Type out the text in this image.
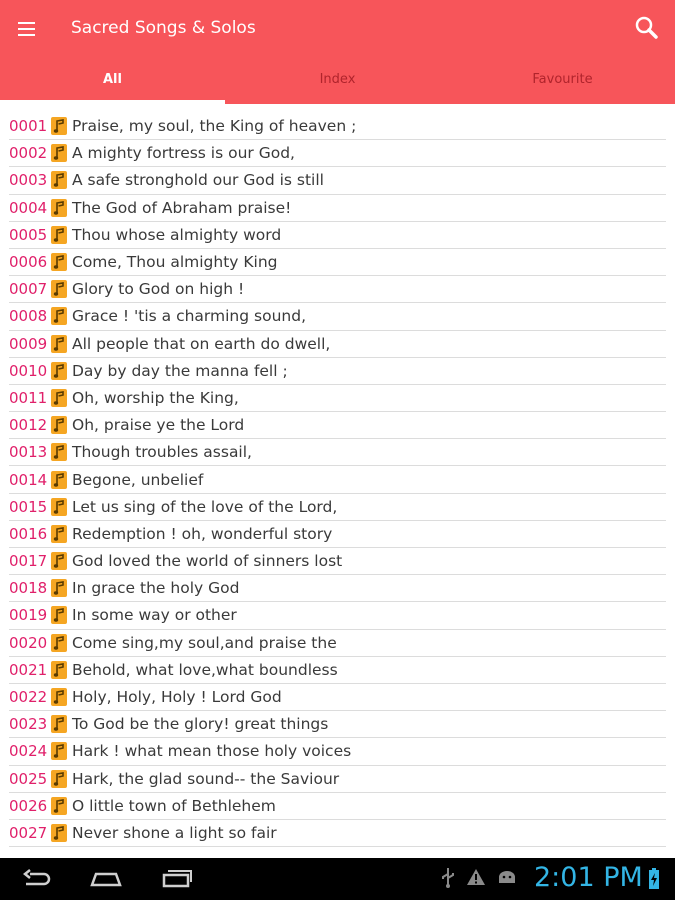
Sacred Songs & Solos
All	Index	Favourite
0001 Praise, my soul, the King of heaven ;
0002 A mighty fortress is our God,
0003 A safe stronghold our God is still
0004 The God of Abraham praise!
0005 Thou whose almighty word
0006 Come, Thou almighty King
0007 Glory to God on high !
0008 Grace ! 'tis a charming sound,
0009 All people that on earth do dwell,
0010 Day by day the manna fell ;
0011 Oh, worship the King,
0012 Oh, praise ye the Lord
0013 Though troubles assail,
0014 Begone, unbelief
0015 Let us sing of the love of the Lord,
0016 Redemption ! oh, wonderful story
0017 God loved the world of sinners lost
0018 In grace the holy God
0019 In some way or other
0020 Come sing,my soul,and praise the
0021 Behold, what love,what boundless
0022 Holy, Holy, Holy ! Lord God
0023 To God be the glory! great things
0024 Hark ! what mean those holy voices
0025 Hark, the glad sound-- the Saviour
0026 O little town of Bethlehem
0027 Never shone a light so fair
2:01 PM
